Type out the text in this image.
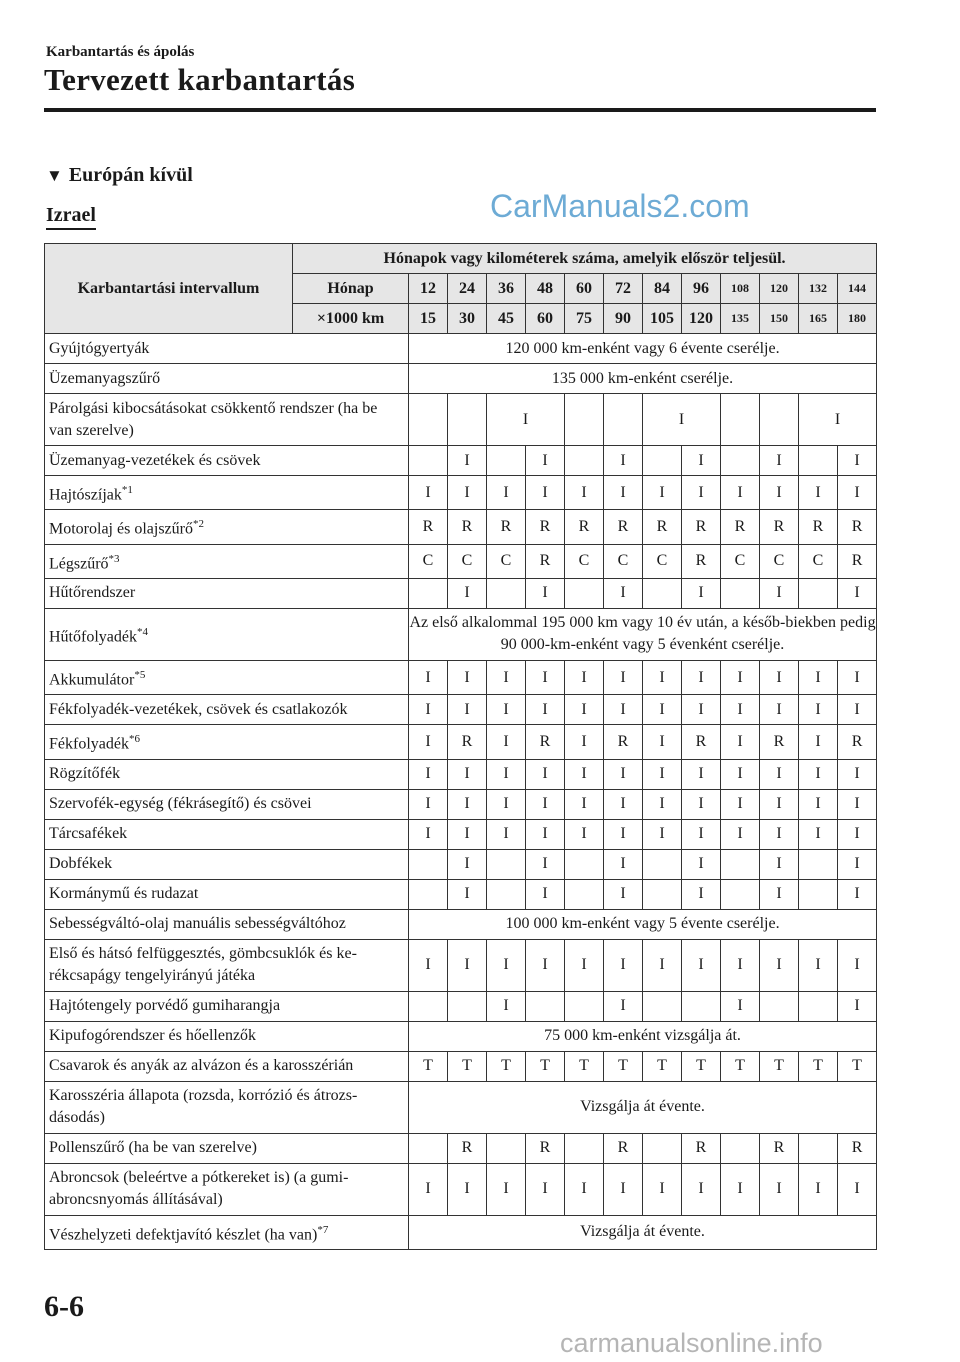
Karbantartás és ápolás
Tervezett karbantartás
▼ Európán kívül
Izrael	CarManuals2.com
Karbantartási intervallum	Hónapok vagy kilométerek száma, amelyik először teljesül.												
	Hónap	12	24	36	48	60	72	84	96	108	120	132	144
	×1000 km	15	30	45	60	75	90	105	120	135	150	165	180
Gyújtógyertyák		120 000 km-enként vagy 6 évente cserélje.											
Üzemanyagszűrő		135 000 km-enként cserélje.											
Párolgási kibocsátásokat csökkentő rendszer (ha be van szerelve)				I				I				I	
Üzemanyag-vezetékek és csövek			I		I		I		I		I		I
Hajtószíjak$^{*1}$		I	I	I	I	I	I	I	I	I	I	I	I
Motorolaj és olajszűrő$^{*2}$		R	R	R	R	R	R	R	R	R	R	R	R
Légszűrő$^{*3}$		C	C	C	R	C	C	C	R	C	C	C	R
Hűtőrendszer			I		I		I		I		I		I
Hűtőfolyadék$^{*4}$		Az első alkalommal 195 000 km vagy 10 év után, a későb-biekben pedig 90 000-km-enként vagy 5 évenként cserélje.											
Akkumulátor$^{*5}$		I	I	I	I	I	I	I	I	I	I	I	I
Fékfolyadék-vezetékek, csövek és csatlakozók		I	I	I	I	I	I	I	I	I	I	I	I
Fékfolyadék$^{*6}$		I	R	I	R	I	R	I	R	I	R	I	R
Rögzítőfék		I	I	I	I	I	I	I	I	I	I	I	I
Szervofék-egység (fékrásegítő) és csövei		I	I	I	I	I	I	I	I	I	I	I	I
Tárcsafékek		I	I	I	I	I	I	I	I	I	I	I	I
Dobfékek			I		I		I		I		I		I
Kormánymű és rudazat			I		I		I		I		I		I
Sebességváltó-olaj manuális sebességváltóhoz		100 000 km-enként vagy 5 évente cserélje.											
Első és hátsó felfüggesztés, gömbcsuklók és ke-rékcsapágy tengelyirányú játéka		I	I	I	I	I	I	I	I	I	I	I	I
Hajtótengely porvédő gumiharangja				I			I			I			I
Kipufogórendszer és hőellenzők		75 000 km-enként vizsgálja át.											
Csavarok és anyák az alvázon és a karosszérián		T	T	T	T	T	T	T	T	T	T	T	T
Karosszéria állapota (rozsda, korrózió és átrozs-dásodás)		Vizsgálja át évente.											
Pollenszűrő (ha be van szerelve)			R		R		R		R		R		R
Abroncsok (beleértve a pótkereket is) (a gumi-abroncsnyomás állításával)		I	I	I	I	I	I	I	I	I	I	I	I
Vészhelyzeti defektjavító készlet (ha van)$^{*7}$		Vizsgálja át évente.											
6-6
carmanualsonline.info
